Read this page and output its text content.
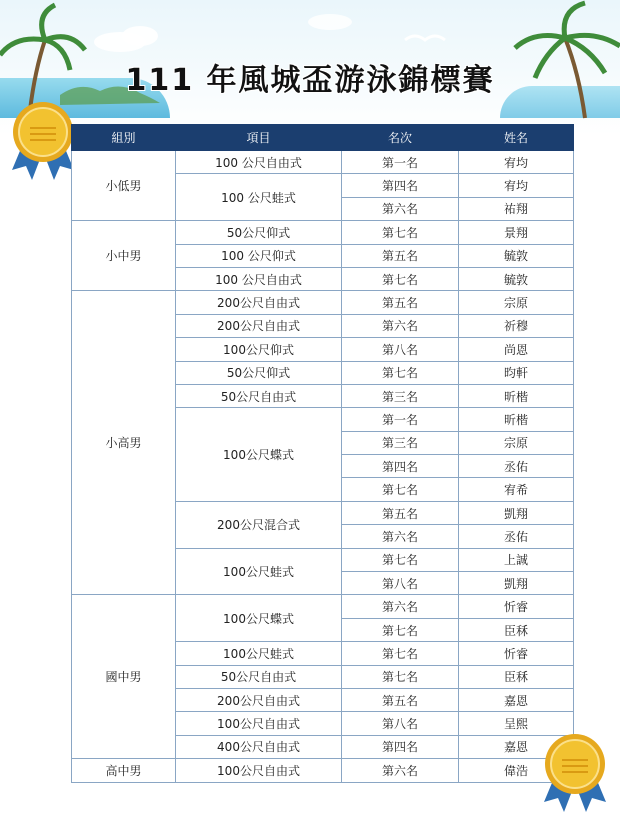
111 年風城盃游泳錦標賽
組別	項目	名次	姓名
小低男	100 公尺自由式	第一名	宥均
	100 公尺蛙式	第四名	宥均
		第六名	祐翔
小中男	50公尺仰式	第七名	景翔
	100 公尺仰式	第五名	毓敦
	100 公尺自由式	第七名	毓敦
小高男	200公尺自由式	第五名	宗原
	200公尺自由式	第六名	祈穆
	100公尺仰式	第八名	尚恩
	50公尺仰式	第七名	昀軒
	50公尺自由式	第三名	昕楷
	100公尺蝶式	第一名	昕楷
		第三名	宗原
		第四名	丞佑
		第七名	宥希
	200公尺混合式	第五名	凱翔
		第六名	丞佑
	100公尺蛙式	第七名	上誠
		第八名	凱翔
國中男	100公尺蝶式	第六名	忻睿
		第七名	臣秝
	100公尺蛙式	第七名	忻睿
	50公尺自由式	第七名	臣秝
	200公尺自由式	第五名	嘉恩
	100公尺自由式	第八名	呈熙
	400公尺自由式	第四名	嘉恩
高中男	100公尺自由式	第六名	偉浩
